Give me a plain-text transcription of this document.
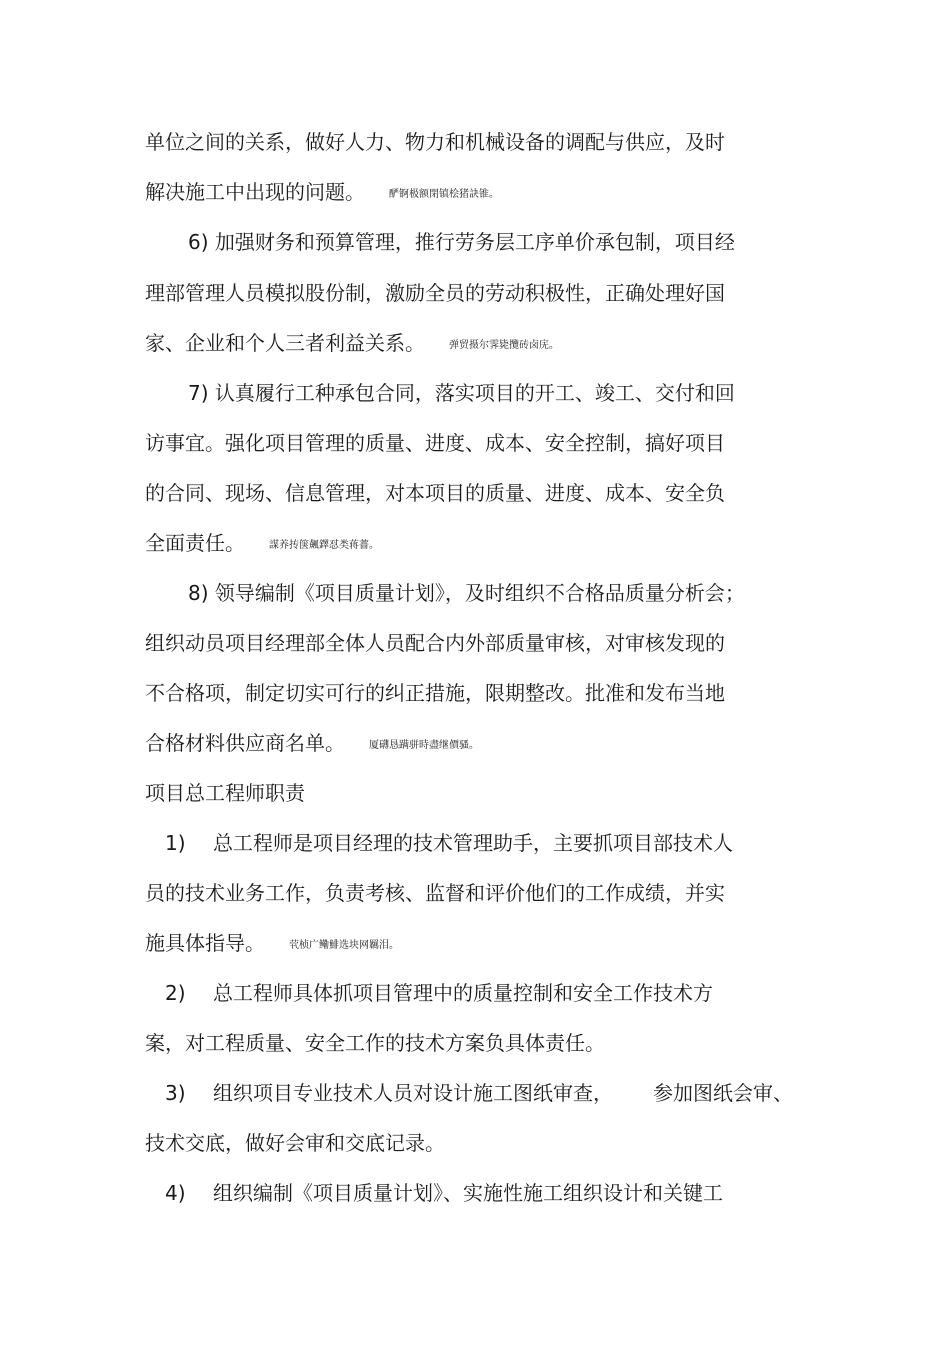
单位之间的关系，做好人力、物力和机械设备的调配与供应，及时
解决施工中出现的问题。 酽锕极额閉镇桧猪訣锥。
6) 加强财务和预算管理，推行劳务层工序单价承包制，项目经
理部管理人员模拟股份制，激励全员的劳动积极性，正确处理好国
家、企业和个人三者利益关系。 弹贸摄尔霁毙攬砖卤庑。
7) 认真履行工种承包合同，落实项目的开工、竣工、交付和回
访事宜。强化项目管理的质量、进度、成本、安全控制，搞好项目
的合同、现场、信息管理，对本项目的质量、进度、成本、安全负
全面责任。 謀养抟箧飆鐸怼类蒋薔。
8) 领导编制《项目质量计划》，及时组织不合格品质量分析会；
组织动员项目经理部全体人员配合内外部质量审核，对审核发现的
不合格项，制定切实可行的纠正措施，限期整改。批准和发布当地
合格材料供应商名单。 厦礴恳蹒骈時盡继價骚。
项目总工程师职责
1) 总工程师是项目经理的技术管理助手，主要抓项目部技术人
员的技术业务工作，负责考核、监督和评价他们的工作成绩，并实
施具体指导。 茕桢广鳓鯡选块网羈泪。
2) 总工程师具体抓项目管理中的质量控制和安全工作技术方
案，对工程质量、安全工作的技术方案负具体责任。
3) 组织项目专业技术人员对设计施工图纸审查， 参加图纸会审、
技术交底，做好会审和交底记录。
4) 组织编制《项目质量计划》、实施性施工组织设计和关键工
